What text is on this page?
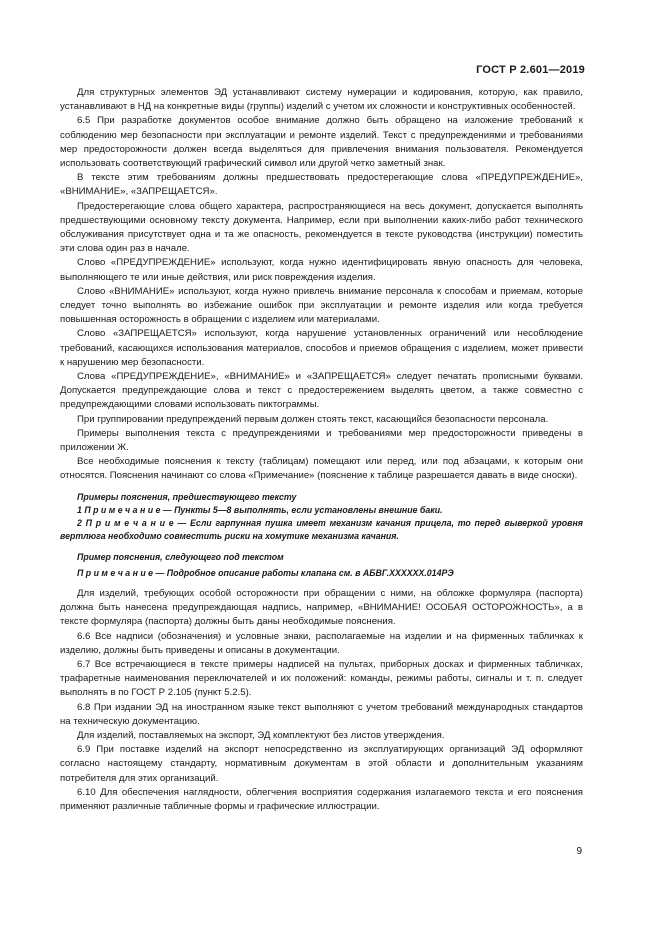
ГОСТ Р 2.601—2019

Для структурных элементов ЭД устанавливают систему нумерации и кодирования, которую, как правило, устанавливают в НД на конкретные виды (группы) изделий с учетом их сложности и конструктивных особенностей.

6.5 При разработке документов особое внимание должно быть обращено на изложение требований к соблюдению мер безопасности при эксплуатации и ремонте изделий. Текст с предупреждениями и требованиями мер предосторожности должен всегда выделяться для привлечения внимания пользователя. Рекомендуется использовать соответствующий графический символ или другой четко заметный знак.

В тексте этим требованиям должны предшествовать предостерегающие слова «ПРЕДУПРЕЖДЕНИЕ», «ВНИМАНИЕ», «ЗАПРЕЩАЕТСЯ».

Предостерегающие слова общего характера, распространяющиеся на весь документ, допускается выполнять предшествующими основному тексту документа. Например, если при выполнении каких-либо работ технического обслуживания присутствует одна и та же опасность, рекомендуется в тексте руководства (инструкции) поместить эти слова один раз в начале.

Слово «ПРЕДУПРЕЖДЕНИЕ» используют, когда нужно идентифицировать явную опасность для человека, выполняющего те или иные действия, или риск повреждения изделия.

Слово «ВНИМАНИЕ» используют, когда нужно привлечь внимание персонала к способам и приемам, которые следует точно выполнять во избежание ошибок при эксплуатации и ремонте изделия или когда требуется повышенная осторожность в обращении с изделием или материалами.

Слово «ЗАПРЕЩАЕТСЯ» используют, когда нарушение установленных ограничений или несоблюдение требований, касающихся использования материалов, способов и приемов обращения с изделием, может привести к нарушению мер безопасности.

Слова «ПРЕДУПРЕЖДЕНИЕ», «ВНИМАНИЕ» и «ЗАПРЕЩАЕТСЯ» следует печатать прописными буквами. Допускается предупреждающие слова и текст с предостережением выделять цветом, а также совместно с предупреждающими словами использовать пиктограммы.

При группировании предупреждений первым должен стоять текст, касающийся безопасности персонала.

Примеры выполнения текста с предупреждениями и требованиями мер предосторожности приведены в приложении Ж.

Все необходимые пояснения к тексту (таблицам) помещают или перед, или под абзацами, к которым они относятся. Пояснения начинают со слова «Примечание» (пояснение к таблице разрешается давать в виде сноски).

Примеры пояснения, предшествующего тексту

1 П р и м е ч а н и е — Пункты 5—8 выполнять, если установлены внешние баки.

2 П р и м е ч а н и е — Если гарпунная пушка имеет механизм качания прицела, то перед выверкой уровня вертлюга необходимо совместить риски на хомутике механизма качания.

Пример пояснения, следующего под текстом

П р и м е ч а н и е — Подробное описание работы клапана см. в АБВГ.ХХХХХХ.014РЭ

Для изделий, требующих особой осторожности при обращении с ними, на обложке формуляра (паспорта) должна быть нанесена предупреждающая надпись, например, «ВНИМАНИЕ! ОСОБАЯ ОСТОРОЖНОСТЬ», а в тексте формуляра (паспорта) должны быть даны необходимые пояснения.

6.6 Все надписи (обозначения) и условные знаки, располагаемые на изделии и на фирменных табличках к изделию, должны быть приведены и описаны в документации.

6.7 Все встречающиеся в тексте примеры надписей на пультах, приборных досках и фирменных табличках, трафаретные наименования переключателей и их положений: команды, режимы работы, сигналы и т. п. следует выполнять в по ГОСТ Р 2.105 (пункт 5.2.5).

6.8 При издании ЭД на иностранном языке текст выполняют с учетом требований международных стандартов на техническую документацию.

Для изделий, поставляемых на экспорт, ЭД комплектуют без листов утверждения.

6.9 При поставке изделий на экспорт непосредственно из эксплуатирующих организаций ЭД оформляют согласно настоящему стандарту, нормативным документам в этой области и дополнительным указаниям потребителя для этих организаций.

6.10 Для обеспечения наглядности, облегчения восприятия содержания излагаемого текста и его пояснения применяют различные табличные формы и графические иллюстрации.

9
